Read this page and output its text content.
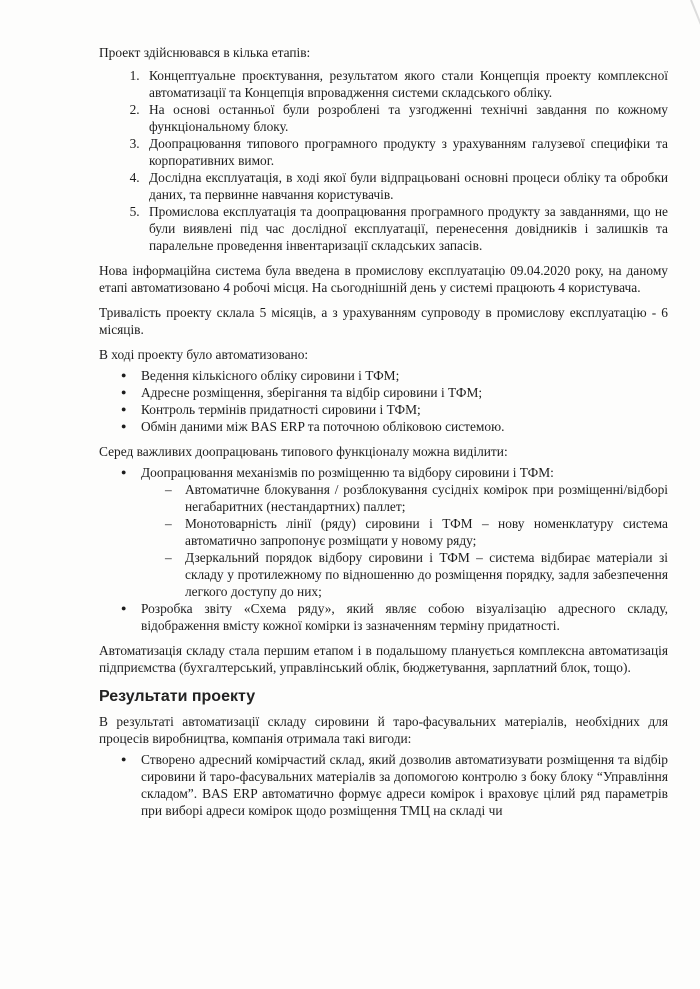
Проект здійснювався в кілька етапів:

1. Концептуальне проєктування, результатом якого стали Концепція проекту комплексної автоматизації та Концепція впровадження системи складського обліку.
2. На основі останньої були розроблені та узгодженні технічні завдання по кожному функціональному блоку.
3. Доопрацювання типового програмного продукту з урахуванням галузевої специфіки та корпоративних вимог.
4. Дослідна експлуатація, в ході якої були відпрацьовані основні процеси обліку та обробки даних, та первинне навчання користувачів.
5. Промислова експлуатація та доопрацювання програмного продукту за завданнями, що не були виявлені під час дослідної експлуатації, перенесення довідників і залишків та паралельне проведення інвентаризації складських запасів.

Нова інформаційна система була введена в промислову експлуатацію 09.04.2020 року, на даному етапі автоматизовано 4 робочі місця. На сьогоднішній день у системі працюють 4 користувача.

Тривалість проекту склала 5 місяців, а з урахуванням супроводу в промислову експлуатацію - 6 місяців.

В ході проекту було автоматизовано:

● Ведення кількісного обліку сировини і ТФМ;
● Адресне розміщення, зберігання та відбір сировини і ТФМ;
● Контроль термінів придатності сировини і ТФМ;
● Обмін даними між BAS ERP та поточною обліковою системою.

Серед важливих доопрацювань типового функціоналу можна виділити:

● Доопрацювання механізмів по розміщенню та відбору сировини і ТФМ:
– Автоматичне блокування / розблокування сусідніх комірок при розміщенні/відборі негабаритних (нестандартних) паллет;
– Монотоварність лінії (ряду) сировини і ТФМ – нову номенклатуру система автоматично запропонує розміщати у новому ряду;
– Дзеркальний порядок відбору сировини і ТФМ – система відбирає матеріали зі складу у протилежному по відношенню до розміщення порядку, задля забезпечення легкого доступу до них;
● Розробка звіту «Схема ряду», який являє собою візуалізацію адресного складу, відображення вмісту кожної комірки із зазначенням терміну придатності.

Автоматизація складу стала першим етапом і в подальшому планується комплексна автоматизація підприємства (бухгалтерський, управлінський облік, бюджетування, зарплатний блок, тощо).

Результати проекту

В результаті автоматизації складу сировини й таро-фасувальних матеріалів, необхідних для процесів виробництва, компанія отримала такі вигоди:

● Створено адресний комірчастий склад, який дозволив автоматизувати розміщення та відбір сировини й таро-фасувальних матеріалів за допомогою контролю з боку блоку “Управління складом”. BAS ERP автоматично формує адреси комірок і враховує цілий ряд параметрів при виборі адреси комірок щодо розміщення ТМЦ на складі чи
